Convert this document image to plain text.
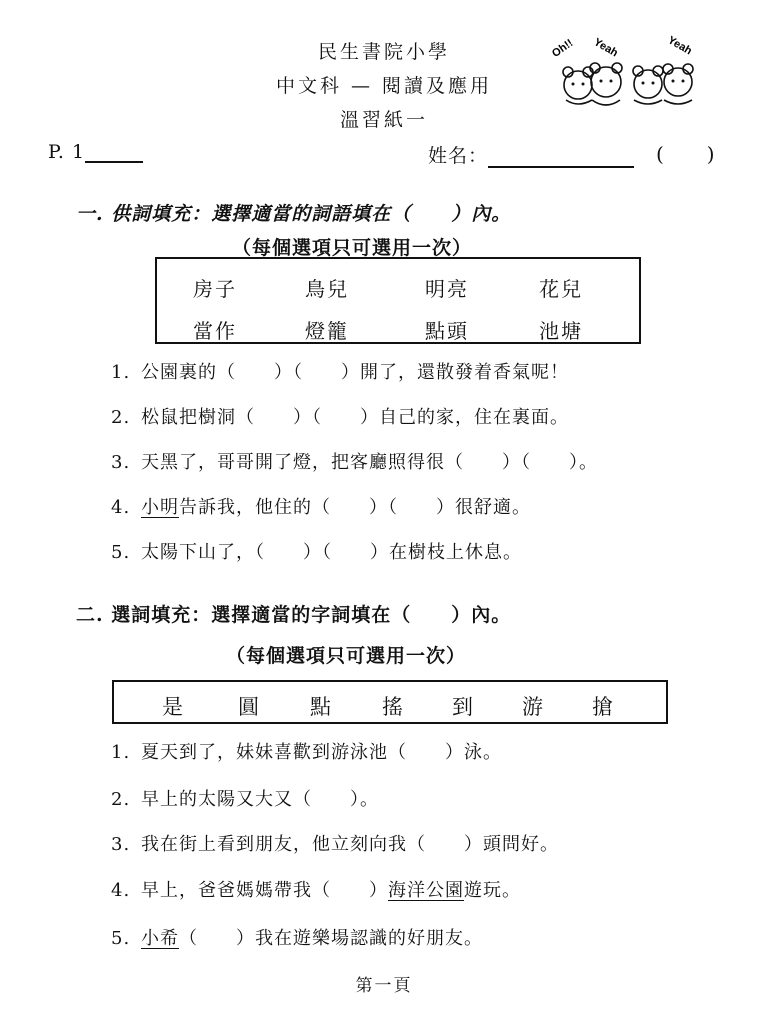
民生書院小學
中文科 — 閱讀及應用
溫習紙一
Oh!! Yeah	Yeah
P. 1	姓名：	(　　)
一. 供詞填充：選擇適當的詞語填在（　　）內。
（每個選項只可選用一次）
房子	鳥兒	明亮	花兒
當作	燈籠	點頭	池塘
1. 公園裏的（　　）（　　）開了，還散發着香氣呢！
2. 松鼠把樹洞（　　）（　　）自己的家，住在裏面。
3. 天黑了，哥哥開了燈，把客廳照得很（　　）（　　）。
4. 小明告訴我，他住的（　　）（　　）很舒適。
5. 太陽下山了，（　　）（　　）在樹枝上休息。
二. 選詞填充：選擇適當的字詞填在（　　）內。
（每個選項只可選用一次）
是	圓 點 搖 到 游 搶
1. 夏天到了，妹妹喜歡到游泳池（　　）泳。
2. 早上的太陽又大又（　　）。
3. 我在街上看到朋友，他立刻向我（　　）頭問好。
4. 早上，爸爸媽媽帶我（　　）海洋公園遊玩。
5. 小希（　　）我在遊樂場認識的好朋友。
第一頁
